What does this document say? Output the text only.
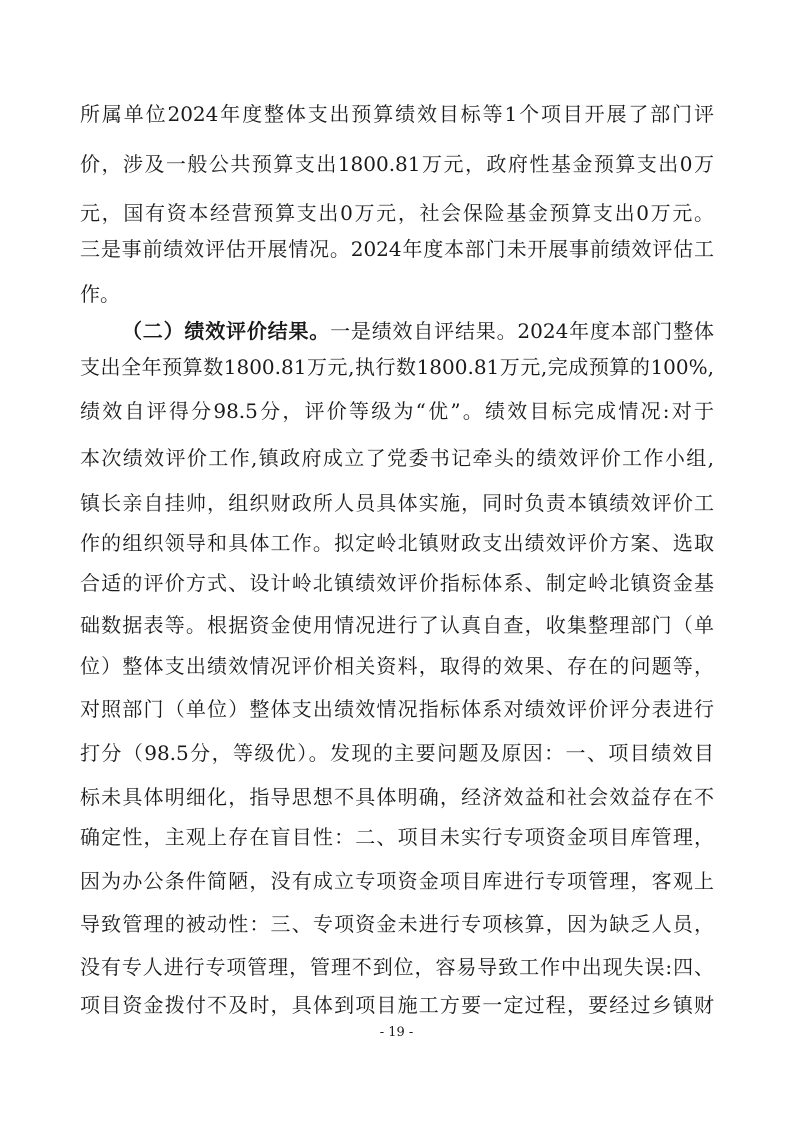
所属单位2024年度整体支出预算绩效目标等1个项目开展了部门评
价，涉及一般公共预算支出1800.81万元，政府性基金预算支出0万
元，国有资本经营预算支出0万元，社会保险基金预算支出0万元。
三是事前绩效评估开展情况。2024年度本部门未开展事前绩效评估工
作。
（二）绩效评价结果。一是绩效自评结果。2024年度本部门整体
支出全年预算数1800.81万元,执行数1800.81万元,完成预算的100%,
绩效自评得分98.5分，评价等级为“优”。绩效目标完成情况:对于
本次绩效评价工作,镇政府成立了党委书记牵头的绩效评价工作小组,
镇长亲自挂帅，组织财政所人员具体实施，同时负责本镇绩效评价工
作的组织领导和具体工作。拟定岭北镇财政支出绩效评价方案、选取
合适的评价方式、设计岭北镇绩效评价指标体系、制定岭北镇资金基
础数据表等。根据资金使用情况进行了认真自查，收集整理部门（单
位）整体支出绩效情况评价相关资料，取得的效果、存在的问题等，
对照部门（单位）整体支出绩效情况指标体系对绩效评价评分表进行
打分（98.5分，等级优）。发现的主要问题及原因：一、项目绩效目
标未具体明细化，指导思想不具体明确，经济效益和社会效益存在不
确定性，主观上存在盲目性：二、项目未实行专项资金项目库管理，
因为办公条件简陋，没有成立专项资金项目库进行专项管理，客观上
导致管理的被动性：三、专项资金未进行专项核算，因为缺乏人员，
没有专人进行专项管理，管理不到位，容易导致工作中出现失误:四、
项目资金拨付不及时，具体到项目施工方要一定过程，要经过乡镇财
- 19 -
